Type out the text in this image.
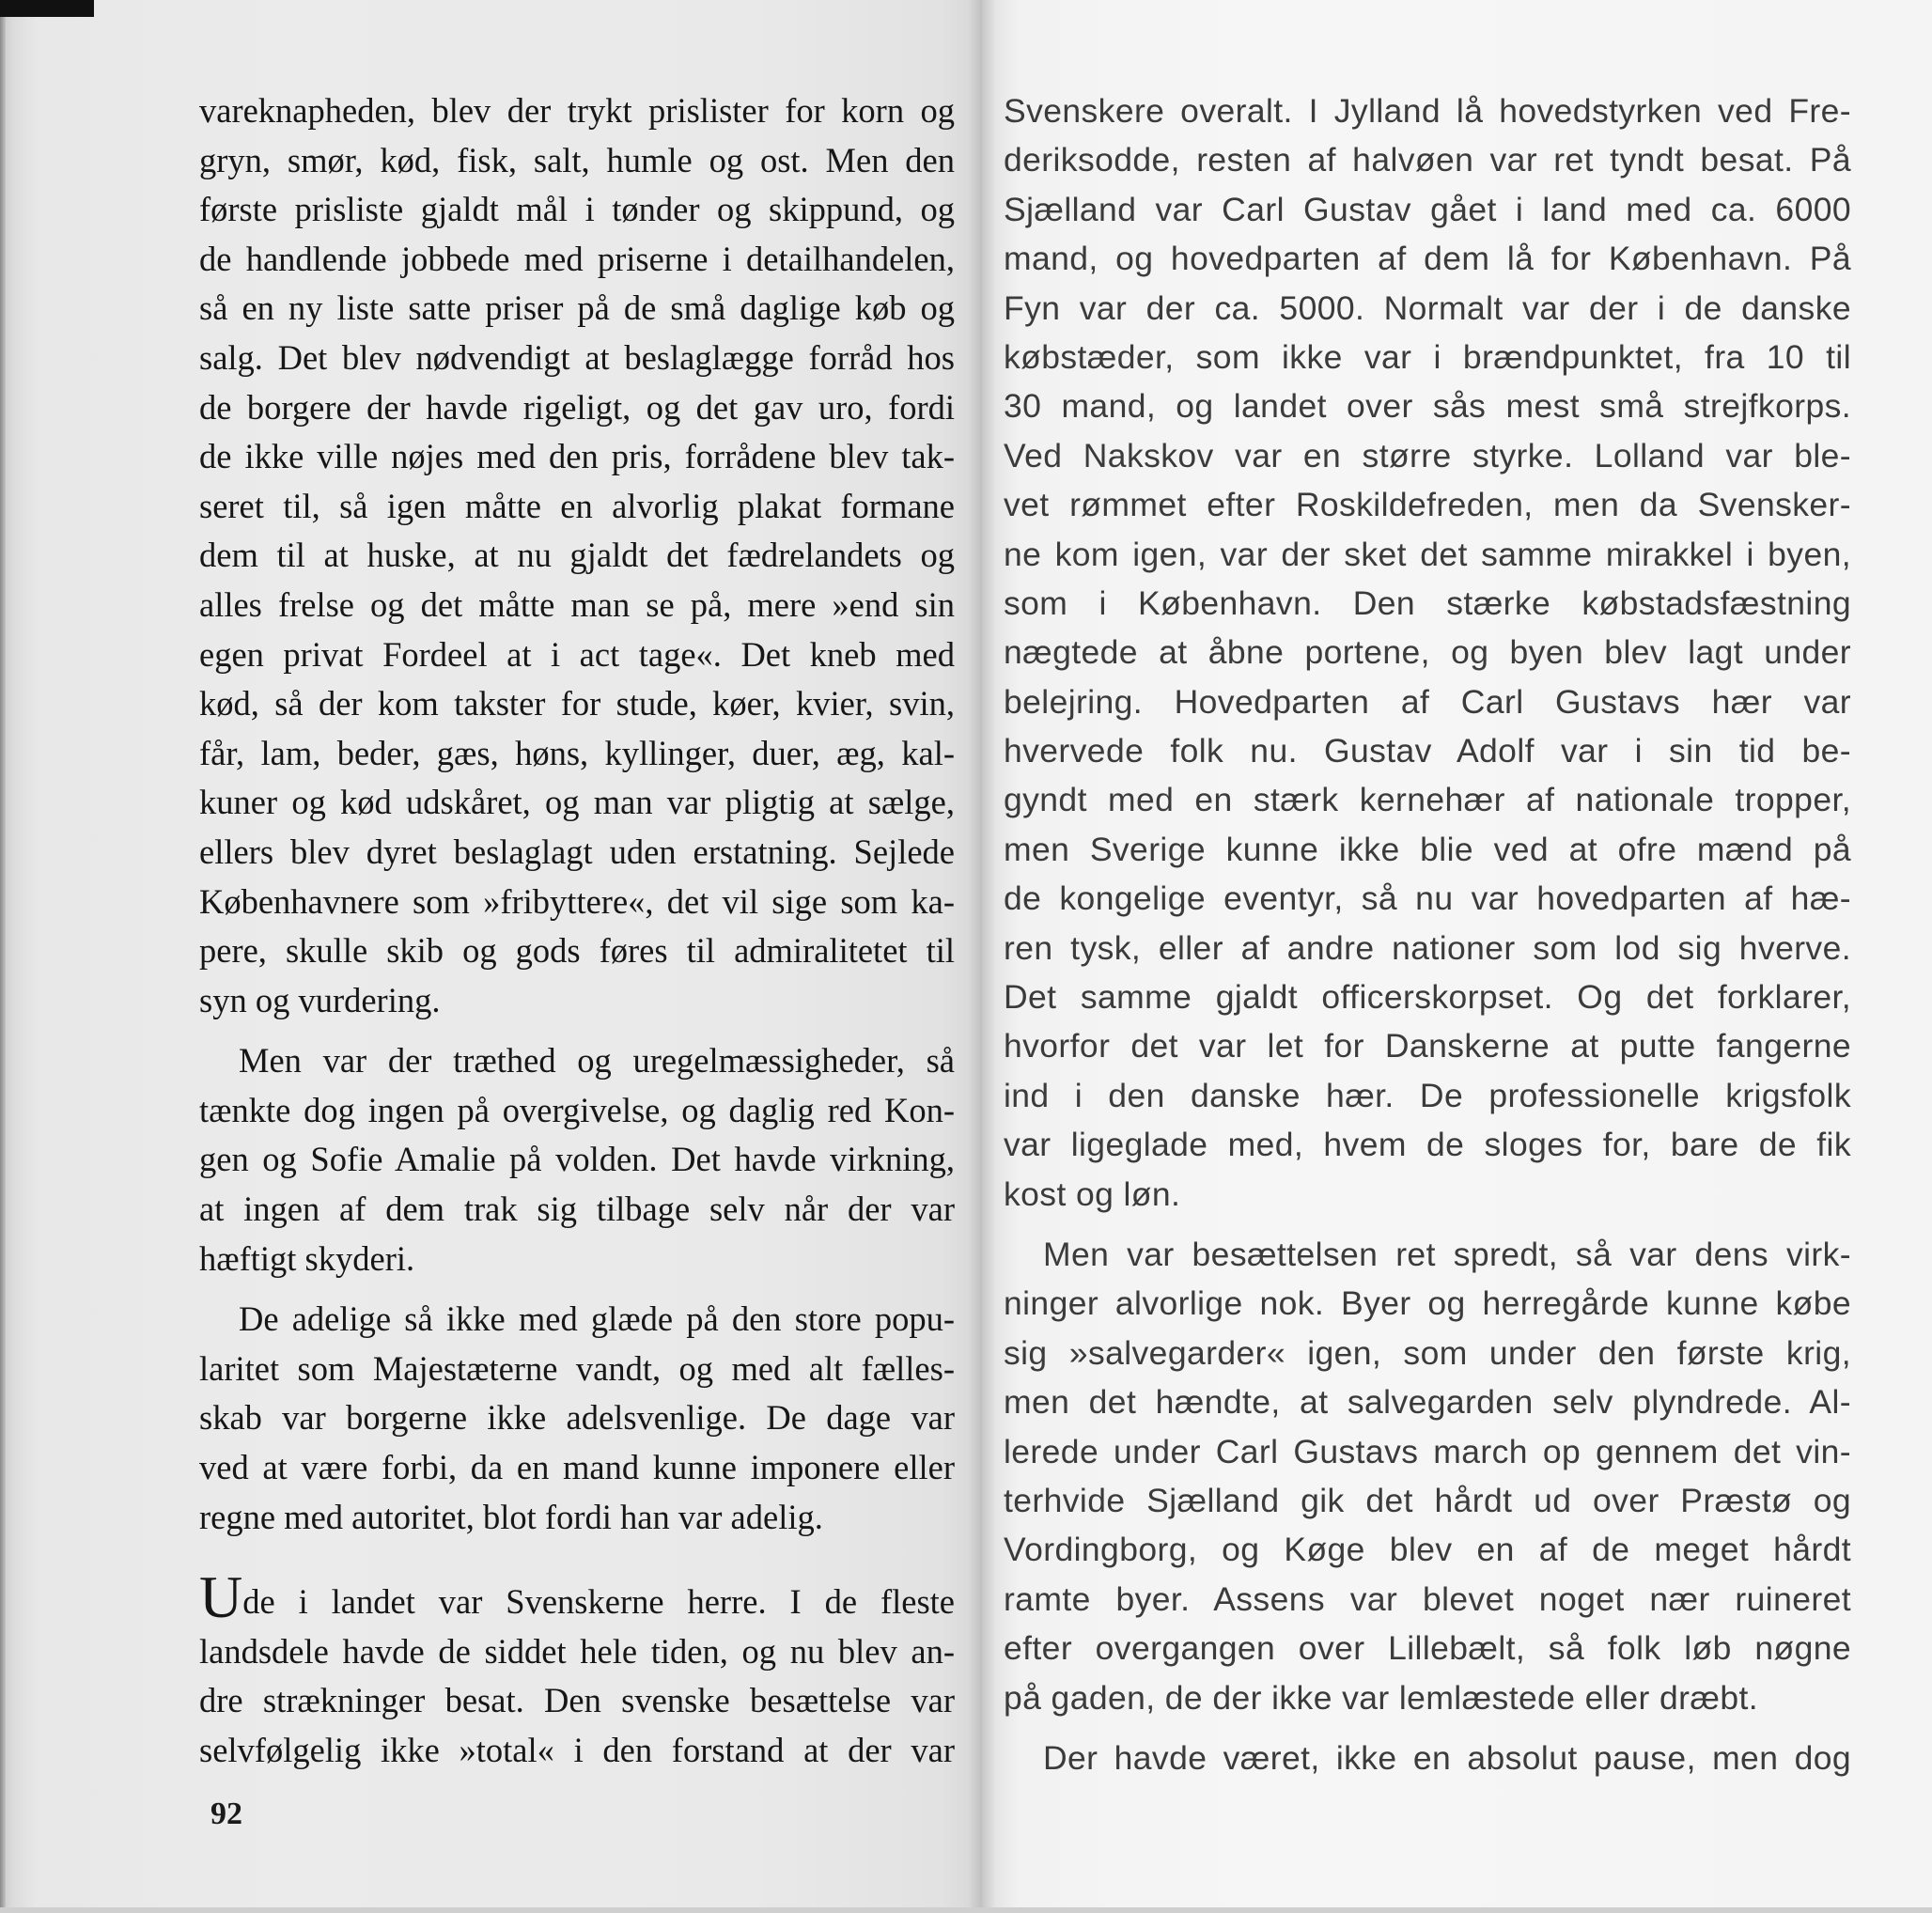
vareknapheden, blev der trykt prislister for korn og
gryn, smør, kød, fisk, salt, humle og ost. Men den
første prisliste gjaldt mål i tønder og skippund, og
de handlende jobbede med priserne i detailhandelen,
så en ny liste satte priser på de små daglige køb og
salg. Det blev nødvendigt at beslaglægge forråd hos
de borgere der havde rigeligt, og det gav uro, fordi
de ikke ville nøjes med den pris, forrådene blev tak-
seret til, så igen måtte en alvorlig plakat formane
dem til at huske, at nu gjaldt det fædrelandets og
alles frelse og det måtte man se på, mere »end sin
egen privat Fordeel at i act tage«. Det kneb med
kød, så der kom takster for stude, køer, kvier, svin,
får, lam, beder, gæs, høns, kyllinger, duer, æg, kal-
kuner og kød udskåret, og man var pligtig at sælge,
ellers blev dyret beslaglagt uden erstatning. Sejlede
Københavnere som »fribyttere«, det vil sige som ka-
pere, skulle skib og gods føres til admiralitetet til
syn og vurdering.
Men var der træthed og uregelmæssigheder, så
tænkte dog ingen på overgivelse, og daglig red Kon-
gen og Sofie Amalie på volden. Det havde virkning,
at ingen af dem trak sig tilbage selv når der var
hæftigt skyderi.
De adelige så ikke med glæde på den store popu-
laritet som Majestæterne vandt, og med alt fælles-
skab var borgerne ikke adelsvenlige. De dage var
ved at være forbi, da en mand kunne imponere eller
regne med autoritet, blot fordi han var adelig.
Ude i landet var Svenskerne herre. I de fleste
landsdele havde de siddet hele tiden, og nu blev an-
dre strækninger besat. Den svenske besættelse var
selvfølgelig ikke »total« i den forstand at der var
92
Svenskere overalt. I Jylland lå hovedstyrken ved Fre-
deriksodde, resten af halvøen var ret tyndt besat. På
Sjælland var Carl Gustav gået i land med ca. 6000
mand, og hovedparten af dem lå for København. På
Fyn var der ca. 5000. Normalt var der i de danske
købstæder, som ikke var i brændpunktet, fra 10 til
30 mand, og landet over sås mest små strejfkorps.
Ved Nakskov var en større styrke. Lolland var ble-
vet rømmet efter Roskildefreden, men da Svensker-
ne kom igen, var der sket det samme mirakkel i byen,
som i København. Den stærke købstadsfæstning
nægtede at åbne portene, og byen blev lagt under
belejring. Hovedparten af Carl Gustavs hær var
hvervede folk nu. Gustav Adolf var i sin tid be-
gyndt med en stærk kernehær af nationale tropper,
men Sverige kunne ikke blie ved at ofre mænd på
de kongelige eventyr, så nu var hovedparten af hæ-
ren tysk, eller af andre nationer som lod sig hverve.
Det samme gjaldt officerskorpset. Og det forklarer,
hvorfor det var let for Danskerne at putte fangerne
ind i den danske hær. De professionelle krigsfolk
var ligeglade med, hvem de sloges for, bare de fik
kost og løn.
Men var besættelsen ret spredt, så var dens virk-
ninger alvorlige nok. Byer og herregårde kunne købe
sig »salvegarder« igen, som under den første krig,
men det hændte, at salvegarden selv plyndrede. Al-
lerede under Carl Gustavs march op gennem det vin-
terhvide Sjælland gik det hårdt ud over Præstø og
Vordingborg, og Køge blev en af de meget hårdt
ramte byer. Assens var blevet noget nær ruineret
efter overgangen over Lillebælt, så folk løb nøgne
på gaden, de der ikke var lemlæstede eller dræbt.
Der havde været, ikke en absolut pause, men dog
